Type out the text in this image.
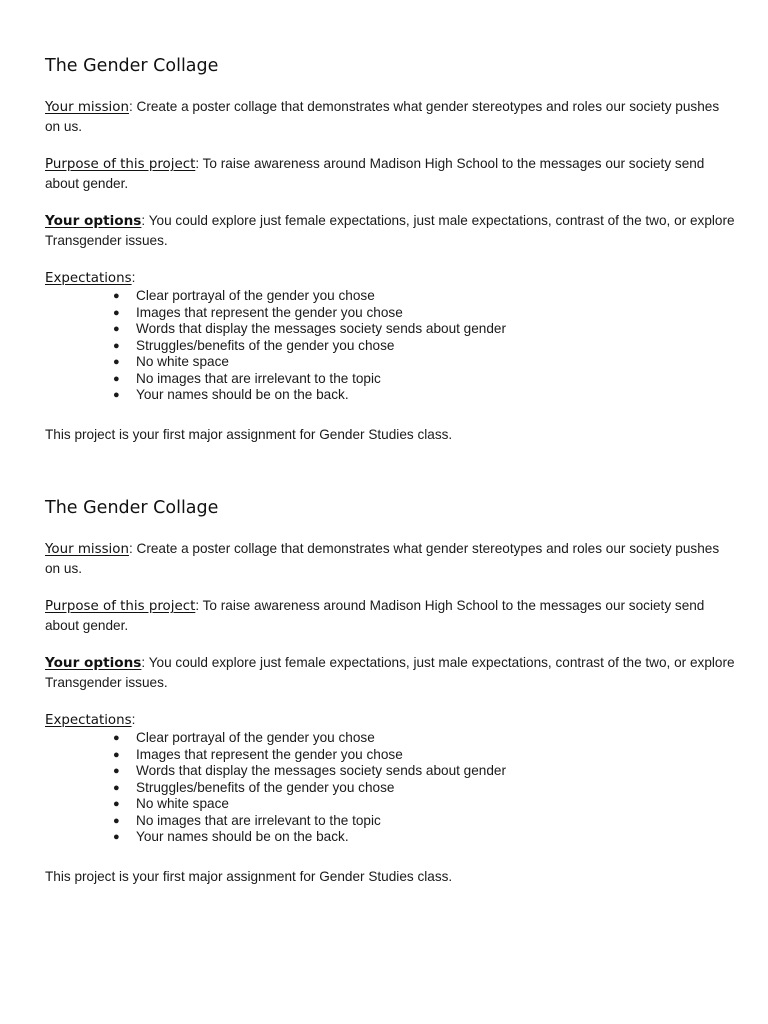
The Gender Collage

Your mission: Create a poster collage that demonstrates what gender stereotypes and roles our society pushes on us.

Purpose of this project: To raise awareness around Madison High School to the messages our society send about gender.

Your options: You could explore just female expectations, just male expectations, contrast of the two, or explore Transgender issues.

Expectations:

● Clear portrayal of the gender you chose
● Images that represent the gender you chose
● Words that display the messages society sends about gender
● Struggles/benefits of the gender you chose
● No white space
● No images that are irrelevant to the topic
● Your names should be on the back.

This project is your first major assignment for Gender Studies class.

The Gender Collage

Your mission: Create a poster collage that demonstrates what gender stereotypes and roles our society pushes on us.

Purpose of this project: To raise awareness around Madison High School to the messages our society send about gender.

Your options: You could explore just female expectations, just male expectations, contrast of the two, or explore Transgender issues.

Expectations:

● Clear portrayal of the gender you chose
● Images that represent the gender you chose
● Words that display the messages society sends about gender
● Struggles/benefits of the gender you chose
● No white space
● No images that are irrelevant to the topic
● Your names should be on the back.

This project is your first major assignment for Gender Studies class.
